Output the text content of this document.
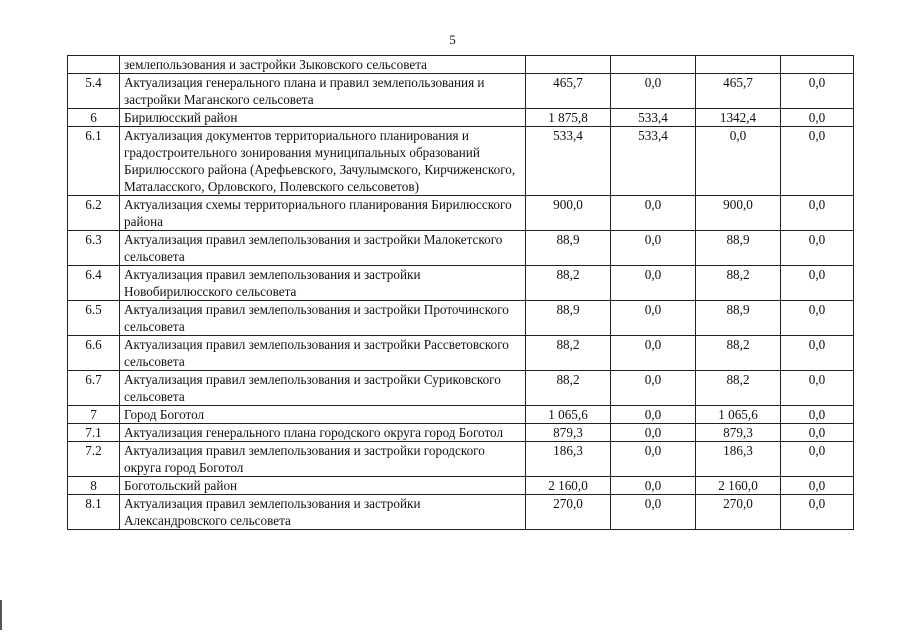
5
	землепользования и застройки Зыковского сельсовета				
5.4	Актуализация генерального плана и правил землепользования и застройки Маганского сельсовета	465,7	0,0	465,7	0,0
6	Бирилюсский район	1 875,8	533,4	1342,4	0,0
6.1	Актуализация документов территориального планирования и градостроительного зонирования муниципальных образований Бирилюсского района (Арефьевского, Зачулымского, Кирчиженского, Маталасского, Орловского, Полевского сельсоветов)	533,4	533,4	0,0	0,0
6.2	Актуализация схемы территориального планирования Бирилюсского района	900,0	0,0	900,0	0,0
6.3	Актуализация правил землепользования и застройки Малокетского сельсовета	88,9	0,0	88,9	0,0
6.4	Актуализация правил землепользования и застройки Новобирилюсского сельсовета	88,2	0,0	88,2	0,0
6.5	Актуализация правил землепользования и застройки Проточинского сельсовета	88,9	0,0	88,9	0,0
6.6	Актуализация правил землепользования и застройки Рассветовского сельсовета	88,2	0,0	88,2	0,0
6.7	Актуализация правил землепользования и застройки Суриковского сельсовета	88,2	0,0	88,2	0,0
7	Город Боготол	1 065,6	0,0	1 065,6	0,0
7.1	Актуализация генерального плана городского округа город Боготол	879,3	0,0	879,3	0,0
7.2	Актуализация правил землепользования и застройки городского округа город Боготол	186,3	0,0	186,3	0,0
8	Боготольский район	2 160,0	0,0	2 160,0	0,0
8.1	Актуализация правил землепользования и застройки Александровского сельсовета	270,0	0,0	270,0	0,0
